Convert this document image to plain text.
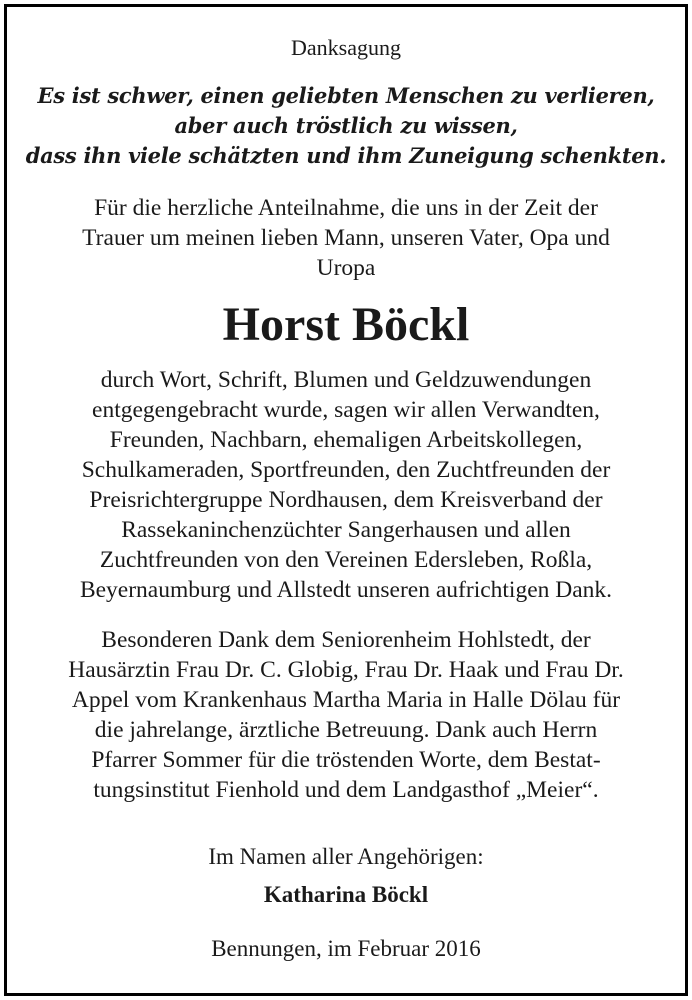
Danksagung
Es ist schwer, einen geliebten Menschen zu verlieren,
aber auch tröstlich zu wissen,
dass ihn viele schätzten und ihm Zuneigung schenkten.
Für die herzliche Anteilnahme, die uns in der Zeit der
Trauer um meinen lieben Mann, unseren Vater, Opa und
Uropa
Horst Böckl
durch Wort, Schrift, Blumen und Geldzuwendungen
entgegengebracht wurde, sagen wir allen Verwandten,
Freunden, Nachbarn, ehemaligen Arbeitskollegen,
Schulkameraden, Sportfreunden, den Zuchtfreunden der
Preisrichtergruppe Nordhausen, dem Kreisverband der
Rassekaninchenzüchter Sangerhausen und allen
Zuchtfreunden von den Vereinen Edersleben, Roßla,
Beyernaumburg und Allstedt unseren aufrichtigen Dank.
Besonderen Dank dem Seniorenheim Hohlstedt, der
Hausärztin Frau Dr. C. Globig, Frau Dr. Haak und Frau Dr.
Appel vom Krankenhaus Martha Maria in Halle Dölau für
die jahrelange, ärztliche Betreuung. Dank auch Herrn
Pfarrer Sommer für die tröstenden Worte, dem Bestat-
tungsinstitut Fienhold und dem Landgasthof „Meier“.
Im Namen aller Angehörigen:
Katharina Böckl
Bennungen, im Februar 2016
